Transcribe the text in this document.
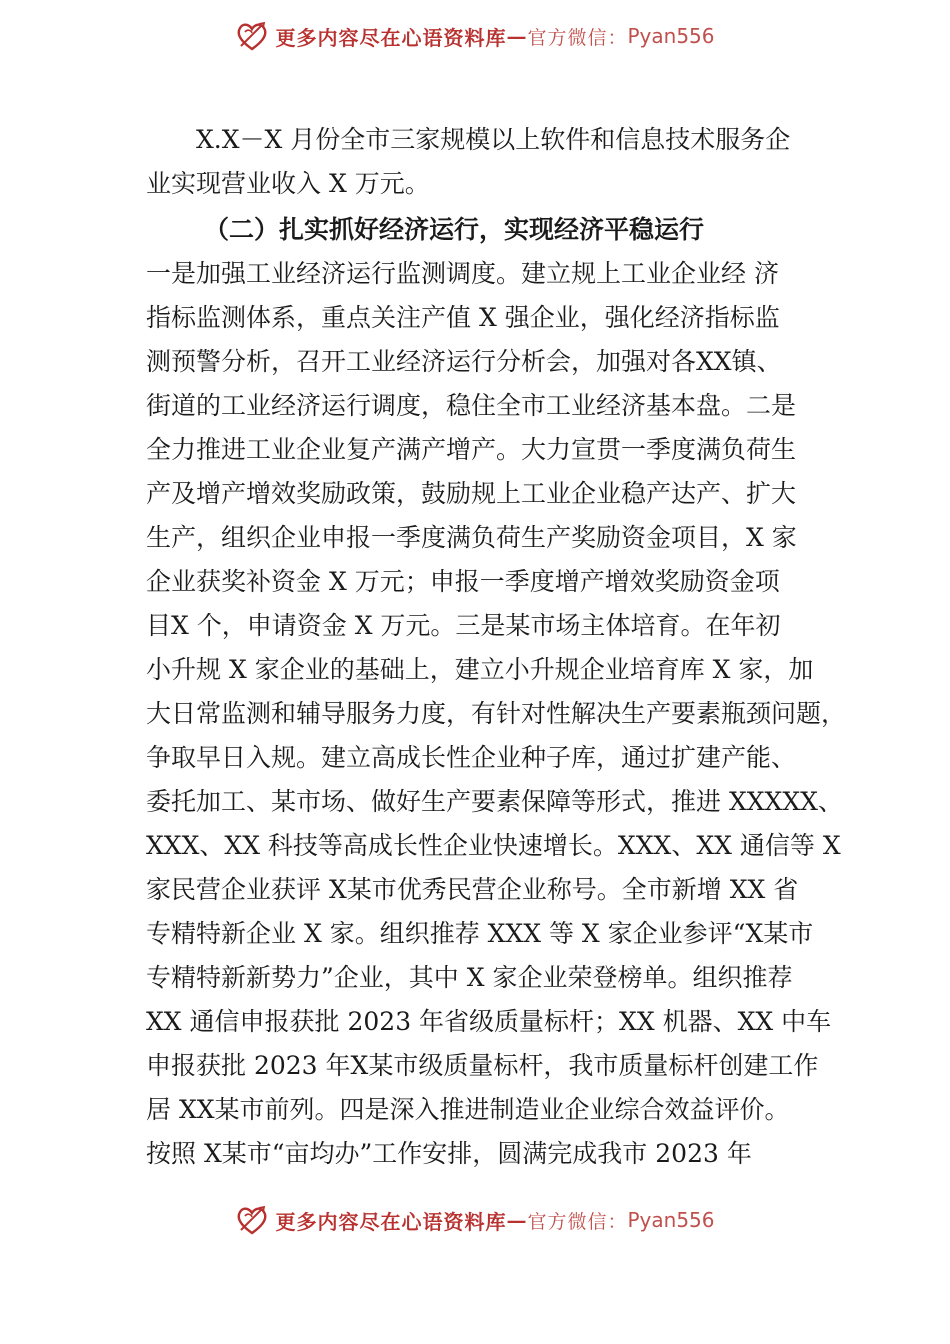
更多内容尽在心语资料库 — 官方微信： Pyan556
X.X－X 月份全市三家规模以上软件和信息技术服务企
业实现营业收入 X 万元。
（二）扎实抓好经济运行，实现经济平稳运行
一是加强工业经济运行监测调度。建立规上工业企业经 济
指标监测体系，重点关注产值 X 强企业，强化经济指标监
测预警分析，召开工业经济运行分析会，加强对各XX镇、
街道的工业经济运行调度，稳住全市工业经济基本盘。二是
全力推进工业企业复产满产增产。大力宣贯一季度满负荷生
产及增产增效奖励政策，鼓励规上工业企业稳产达产、扩大
生产，组织企业申报一季度满负荷生产奖励资金项目，X 家
企业获奖补资金 X 万元；申报一季度增产增效奖励资金项
目X 个，申请资金 X 万元。三是某市场主体培育。在年初
小升规 X 家企业的基础上，建立小升规企业培育库 X 家，加
大日常监测和辅导服务力度，有针对性解决生产要素瓶颈问题，
争取早日入规。建立高成长性企业种子库，通过扩建产能、
委托加工、某市场、做好生产要素保障等形式，推进 XXXXX、
XXX、XX 科技等高成长性企业快速增长。XXX、XX 通信等 X
家民营企业获评 X某市优秀民营企业称号。全市新增 XX 省
专精特新企业 X 家。组织推荐 XXX 等 X 家企业参评“X某市
专精特新新势力”企业，其中 X 家企业荣登榜单。组织推荐
XX 通信申报获批 2023 年省级质量标杆；XX 机器、XX 中车
申报获批 2023 年X某市级质量标杆，我市质量标杆创建工作
居 XX某市前列。四是深入推进制造业企业综合效益评价。
按照 X某市“亩均办”工作安排，圆满完成我市 2023 年
更多内容尽在心语资料库 — 官方微信： Pyan556
